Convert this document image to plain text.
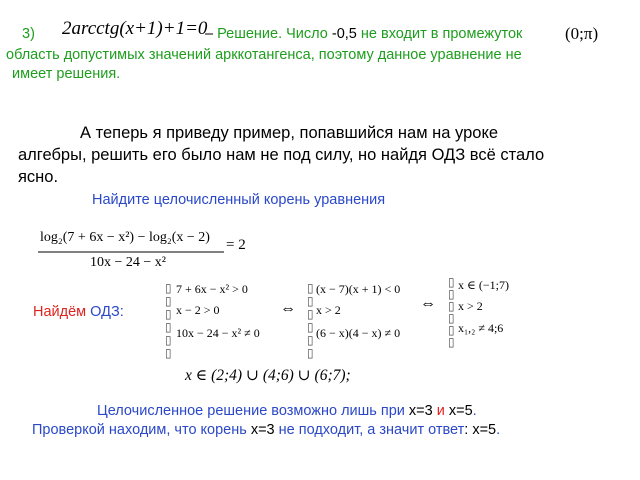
3) 2arcctg(x+1)+1=0
– Решение. Число -0,5 не входит в промежуток	(0;π)
область допустимых значений арккотангенса, поэтому данное уравнение не
имеет решения.
А теперь я приведу пример, попавшийся нам на уроке
алгебры, решить его было нам не под силу, но найдя ОДЗ всё стало
ясно.
Найдите целочисленный корень уравнения
log₂(7 + 6x − x²) − log₂(x − 2)
10x − 24 − x²
= 2
Найдём ОДЗ:
▯
▯
▯
▯
▯
▯
7 + 6x − x² > 0
x − 2 > 0
10x − 24 − x² ≠ 0
⇔
▯
▯
▯
▯
▯
▯
(x − 7)(x + 1) < 0
x > 2
(6 − x)(4 − x) ≠ 0
⇔
▯
▯
▯
▯
▯
▯
x ∈ (−1;7)
x > 2
x₁,₂ ≠ 4;6
x ∈ (2;4) ∪ (4;6) ∪ (6;7);
Целочисленное решение возможно лишь при x=3 и x=5.
Проверкой находим, что корень x=3 не подходит, а значит ответ: x=5.
